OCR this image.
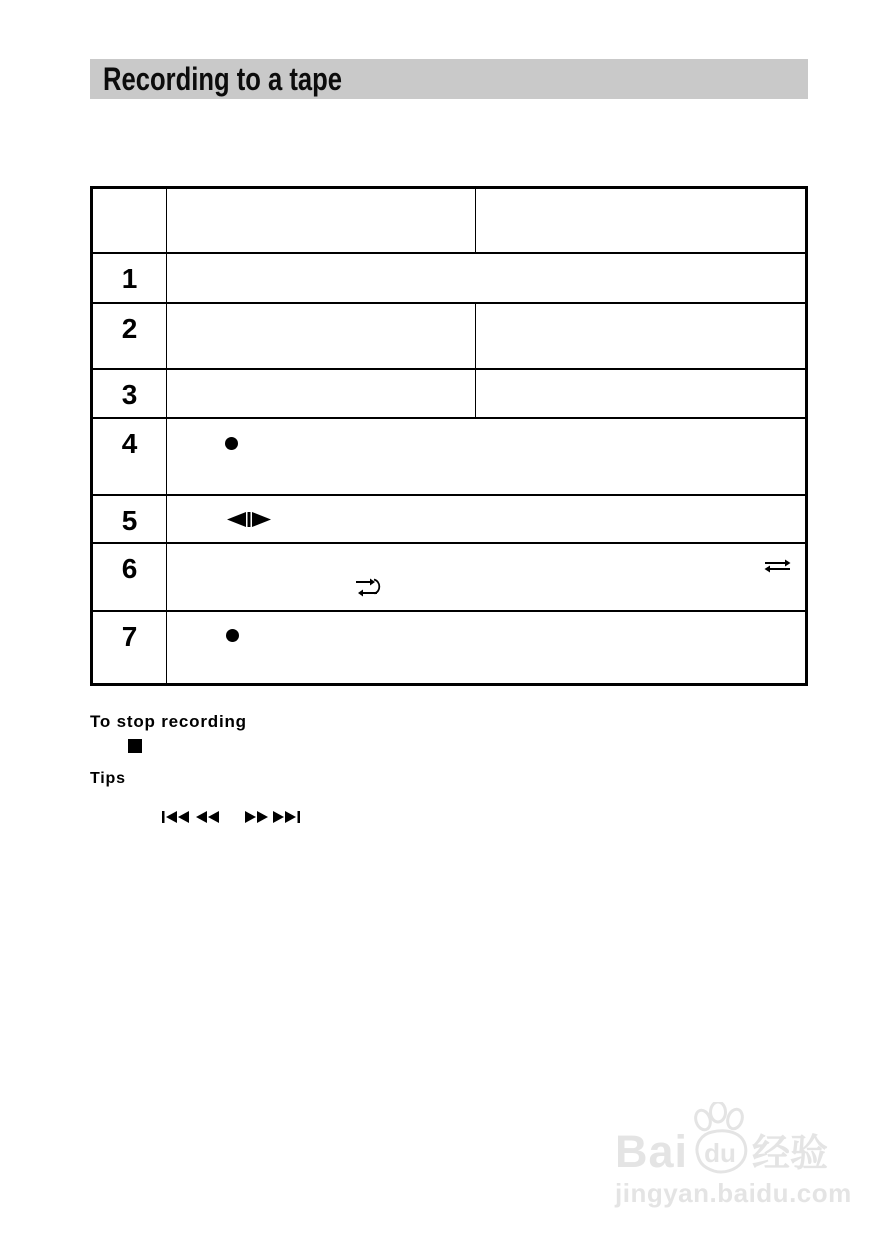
Recording to a tape
1
2
3
4
5
6
7
To stop recording
Tips
Bai du 经验
jingyan.baidu.com
